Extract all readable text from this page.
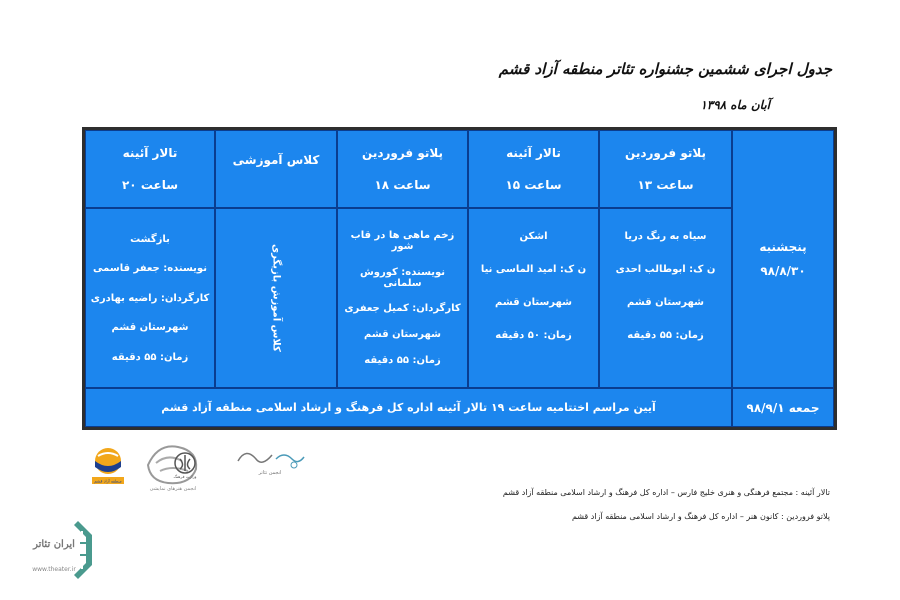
جدول اجرای ششمین جشنواره تئاتر منطقه آزاد قشم
آبان ماه ۱۳۹۸
تالار آئینه
ساعت ۲۰
کلاس آموزشی	پلاتو فروردین
ساعت ۱۸
تالار آئینه
ساعت ۱۵
پلاتو فروردین
ساعت ۱۳
پنجشنبه
۹۸/۸/۳۰
بازگشت
نویسنده: جعفر قاسمی
کارگردان: راضیه بهادری
شهرستان قشم
زمان: ۵۵ دقیقه
کلاس آموزش بازیگری
زخم ماهی ها در قاب شور
نویسنده: کوروش سلمانی
کارگردان: کمیل جعفری
شهرستان قشم
زمان: ۵۵ دقیقه
اشکن
ن ک: امید الماسی نیا
شهرستان قشم
زمان: ۵۰ دقیقه
سیاه به رنگ دریا
ن ک: ابوطالب احدی
شهرستان قشم
زمان: ۵۵ دقیقه
آیین مراسم اختتامیه ساعت ۱۹ تالار آئینه اداره کل فرهنگ و ارشاد اسلامی منطقه آزاد قشم	جمعه ۹۸/۹/۱
منطقه آزاد قشم
انجمن هنرهای نمایشی
وزارت فرهنگ
انجمن تئاتر
تالار آئینه : مجتمع فرهنگی و هنری خلیج فارس – اداره کل فرهنگ و ارشاد اسلامی منطقه آزاد قشم
پلاتو فروردین : کانون هنر – اداره کل فرهنگ و ارشاد اسلامی منطقه آزاد قشم
ایران تئاتر
www.theater.ir
